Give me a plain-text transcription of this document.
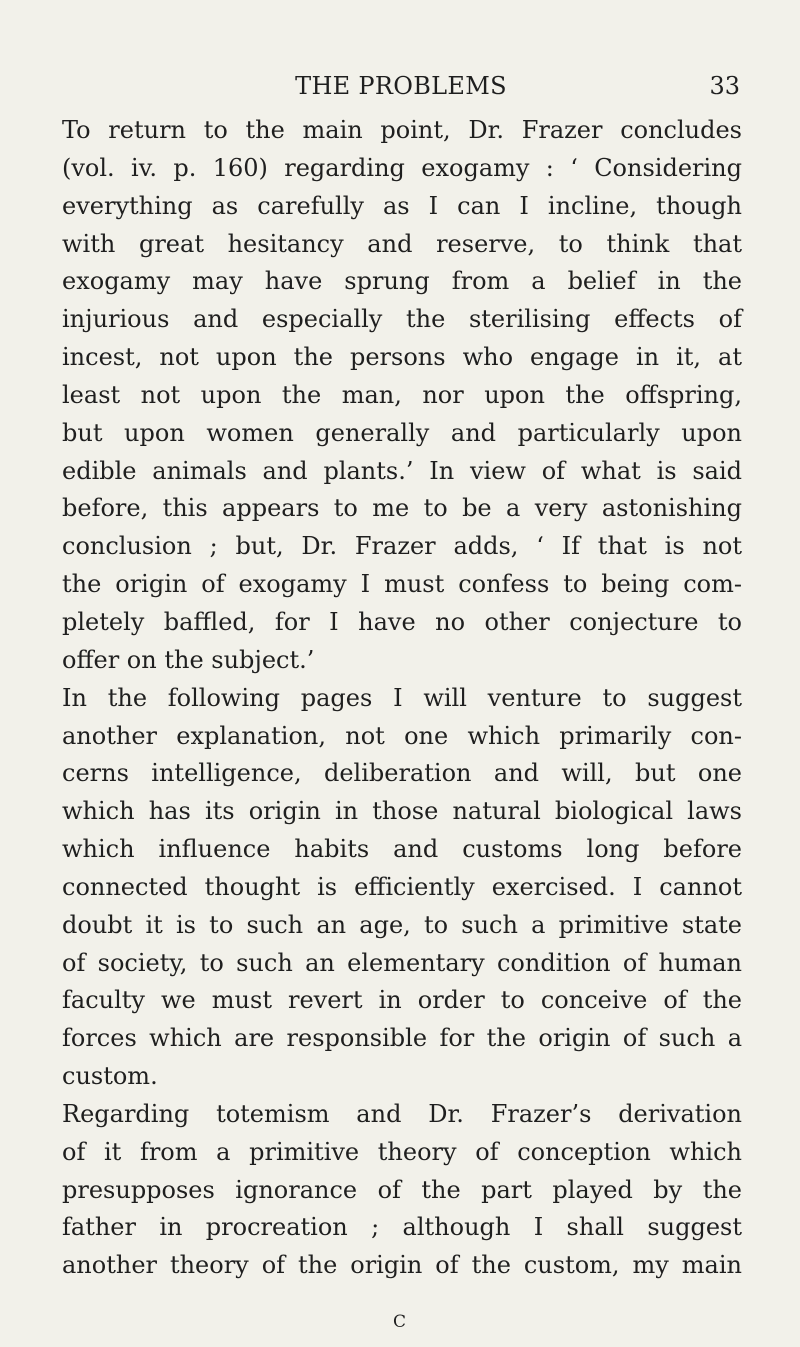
THE PROBLEMS	33
To return to the main point, Dr. Frazer concludes
(vol. iv. p. 160) regarding exogamy : ‘ Considering
everything as carefully as I can I incline, though
with great hesitancy and reserve, to think that
exogamy may have sprung from a belief in the
injurious and especially the sterilising effects of
incest, not upon the persons who engage in it, at
least not upon the man, nor upon the offspring,
but upon women generally and particularly upon
edible animals and plants.’ In view of what is said
before, this appears to me to be a very astonishing
conclusion ; but, Dr. Frazer adds, ‘ If that is not
the origin of exogamy I must confess to being com-
pletely baffled, for I have no other conjecture to
offer on the subject.’
In the following pages I will venture to suggest
another explanation, not one which primarily con-
cerns intelligence, deliberation and will, but one
which has its origin in those natural biological laws
which influence habits and customs long before
connected thought is efficiently exercised. I cannot
doubt it is to such an age, to such a primitive state
of society, to such an elementary condition of human
faculty we must revert in order to conceive of the
forces which are responsible for the origin of such a
custom.
Regarding totemism and Dr. Frazer’s derivation
of it from a primitive theory of conception which
presupposes ignorance of the part played by the
father in procreation ; although I shall suggest
another theory of the origin of the custom, my main
C
